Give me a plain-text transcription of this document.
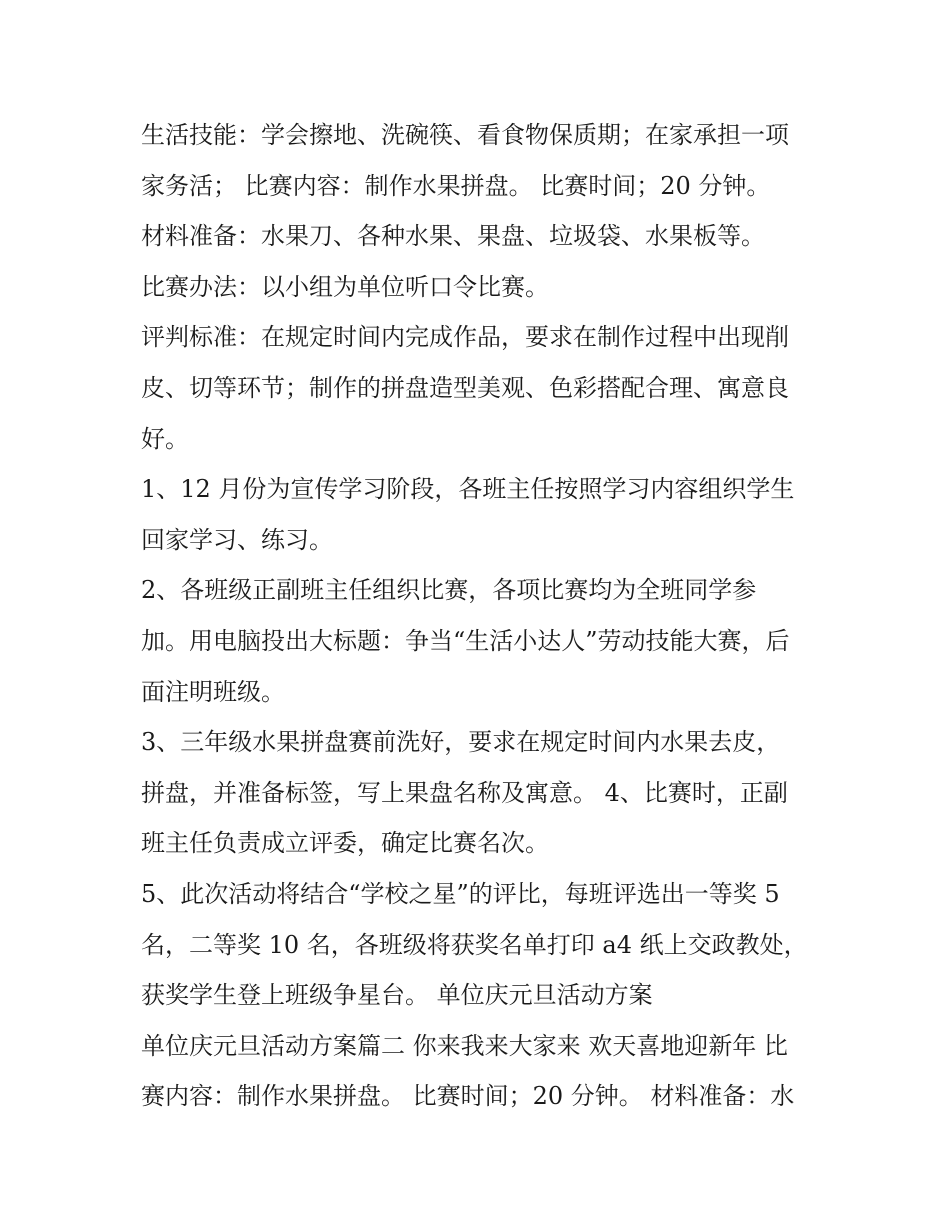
生活技能：学会擦地、洗碗筷、看食物保质期；在家承担一项
家务活； 比赛内容：制作水果拼盘。 比赛时间；20 分钟。
材料准备：水果刀、各种水果、果盘、垃圾袋、水果板等。
比赛办法：以小组为单位听口令比赛。
评判标准：在规定时间内完成作品，要求在制作过程中出现削
皮、切等环节；制作的拼盘造型美观、色彩搭配合理、寓意良
好。
1、12 月份为宣传学习阶段，各班主任按照学习内容组织学生
回家学习、练习。
2、各班级正副班主任组织比赛，各项比赛均为全班同学参
加。用电脑投出大标题：争当“生活小达人”劳动技能大赛，后
面注明班级。
3、三年级水果拼盘赛前洗好，要求在规定时间内水果去皮，
拼盘，并准备标签，写上果盘名称及寓意。 4、比赛时，正副
班主任负责成立评委，确定比赛名次。
5、此次活动将结合“学校之星”的评比，每班评选出一等奖 5
名，二等奖 10 名，各班级将获奖名单打印 a4 纸上交政教处，
获奖学生登上班级争星台。 单位庆元旦活动方案
单位庆元旦活动方案篇二 你来我来大家来 欢天喜地迎新年 比
赛内容：制作水果拼盘。 比赛时间；20 分钟。 材料准备：水
